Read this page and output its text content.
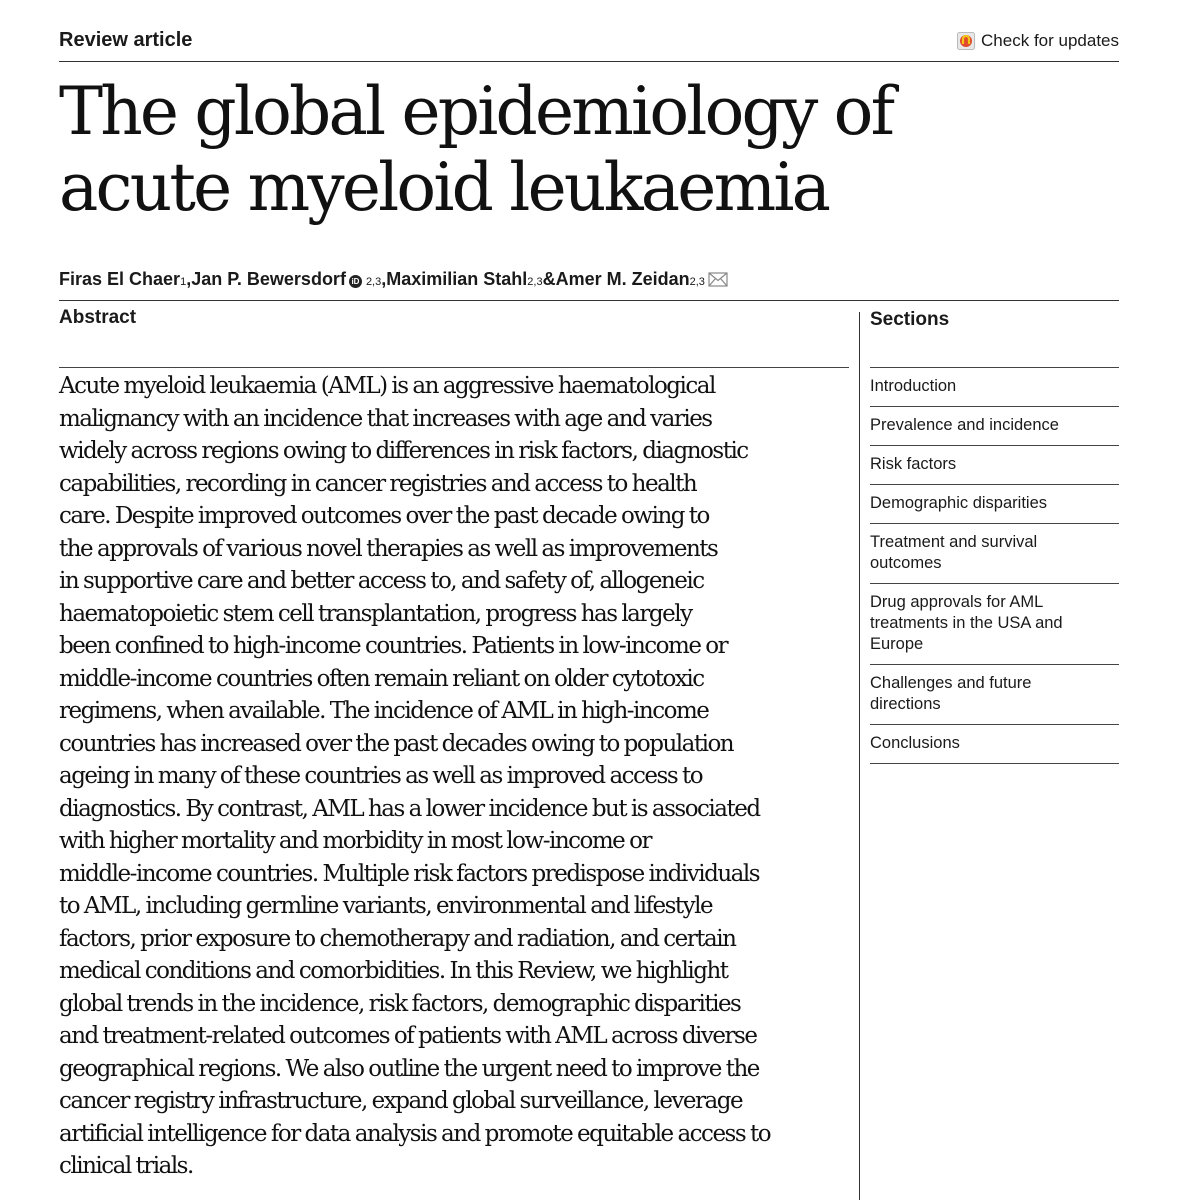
Review article	Check for updates
The global epidemiology of
acute myeloid leukaemia
Firas El Chaer 1 , Jan P. Bewersdorf iD 2,3 , Maximilian Stahl 2,3 & Amer M. Zeidan 2,3
Abstract

Acute myeloid leukaemia (AML) is an aggressive haematological
malignancy with an incidence that increases with age and varies
widely across regions owing to differences in risk factors, diagnostic
capabilities, recording in cancer registries and access to health
care. Despite improved outcomes over the past decade owing to
the approvals of various novel therapies as well as improvements
in supportive care and better access to, and safety of, allogeneic
haematopoietic stem cell transplantation, progress has largely
been confined to high-income countries. Patients in low-income or
middle-income countries often remain reliant on older cytotoxic
regimens, when available. The incidence of AML in high-income
countries has increased over the past decades owing to population
ageing in many of these countries as well as improved access to
diagnostics. By contrast, AML has a lower incidence but is associated
with higher mortality and morbidity in most low-income or
middle-income countries. Multiple risk factors predispose individuals
to AML, including germline variants, environmental and lifestyle
factors, prior exposure to chemotherapy and radiation, and certain
medical conditions and comorbidities. In this Review, we highlight
global trends in the incidence, risk factors, demographic disparities
and treatment-related outcomes of patients with AML across diverse
geographical regions. We also outline the urgent need to improve the
cancer registry infrastructure, expand global surveillance, leverage
artificial intelligence for data analysis and promote equitable access to
clinical trials.

Sections
Introduction
Prevalence and incidence
Risk factors
Demographic disparities
Treatment and survival outcomes
Drug approvals for AML treatments in the USA and Europe
Challenges and future directions
Conclusions
